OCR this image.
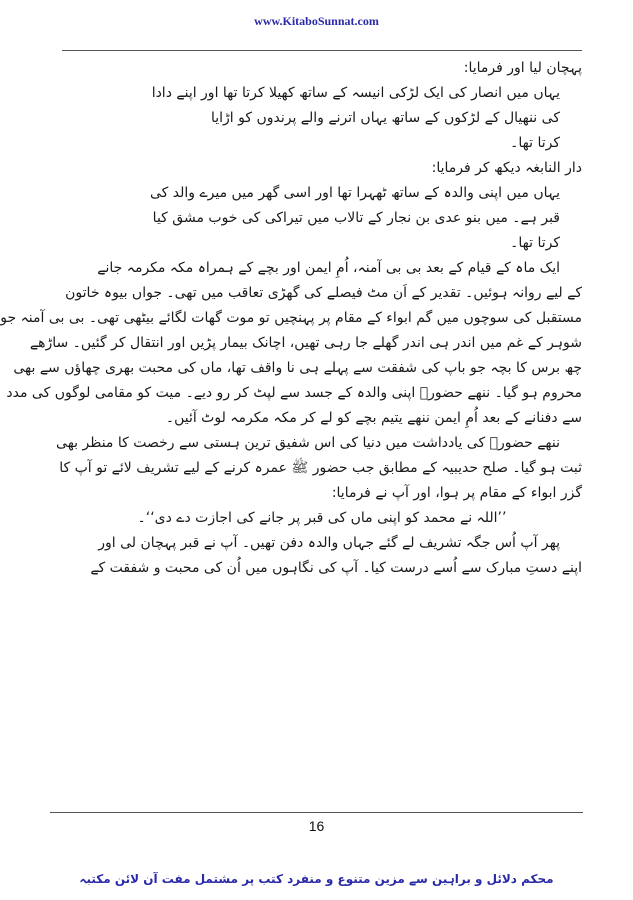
www.KitaboSunnat.com
پہچان لیا اور فرمایا:
یہاں میں انصار کی ایک لڑکی انیسہ کے ساتھ کھیلا کرتا تھا اور اپنے دادا
کی ننھیال کے لڑکوں کے ساتھ یہاں اترنے والے پرندوں کو اڑایا
کرتا تھا۔
دار النابغہ دیکھ کر فرمایا:
یہاں میں اپنی والدہ کے ساتھ ٹھہرا تھا اور اسی گھر میں میرے والد کی
قبر ہے۔ میں بنو عدی بن نجار کے تالاب میں تیراکی کی خوب مشق کیا
کرتا تھا۔
ایک ماہ کے قیام کے بعد بی بی آمنہ، اُمِ ایمن اور بچے کے ہمراہ مکہ مکرمہ جانے
کے لیے روانہ ہوئیں۔ تقدیر کے اَن مٹ فیصلے کی گھڑی تعاقب میں تھی۔ جواں بیوہ خاتون
مستقبل کی سوچوں میں گم ابواء کے مقام پر پہنچیں تو موت گھات لگائے بیٹھی تھی۔ بی بی آمنہ جو
شوہر کے غم میں اندر ہی اندر گھلے جا رہی تھیں، اچانک بیمار پڑیں اور انتقال کر گئیں۔ ساڑھے
چھ برس کا بچہ جو باپ کی شفقت سے پہلے ہی نا واقف تھا، ماں کی محبت بھری چھاؤں سے بھی
محروم ہو گیا۔ ننھے حضورؐ اپنی والدہ کے جسد سے لپٹ کر رو دیے۔ میت کو مقامی لوگوں کی مدد
سے دفنانے کے بعد اُمِ ایمن ننھے یتیم بچے کو لے کر مکہ مکرمہ لوٹ آئیں۔
ننھے حضورؐ کی یادداشت میں دنیا کی اس شفیق ترین ہستی سے رخصت کا منظر بھی
ثبت ہو گیا۔ صلح حدیبیہ کے مطابق جب حضور ﷺ عمرہ کرنے کے لیے تشریف لائے تو آپ کا
گزر ابواء کے مقام پر ہوا، اور آپ نے فرمایا:
’’اللہ نے محمد کو اپنی ماں کی قبر پر جانے کی اجازت دے دی‘‘۔
پھر آپ اُس جگہ تشریف لے گئے جہاں والدہ دفن تھیں۔ آپ نے قبر پہچان لی اور
اپنے دستِ مبارک سے اُسے درست کیا۔ آپ کی نگاہوں میں اُن کی محبت و شفقت کے
16
محکم دلائل و براہین سے مزین متنوع و منفرد کتب پر مشتمل مفت آن لائن مکتبہ
